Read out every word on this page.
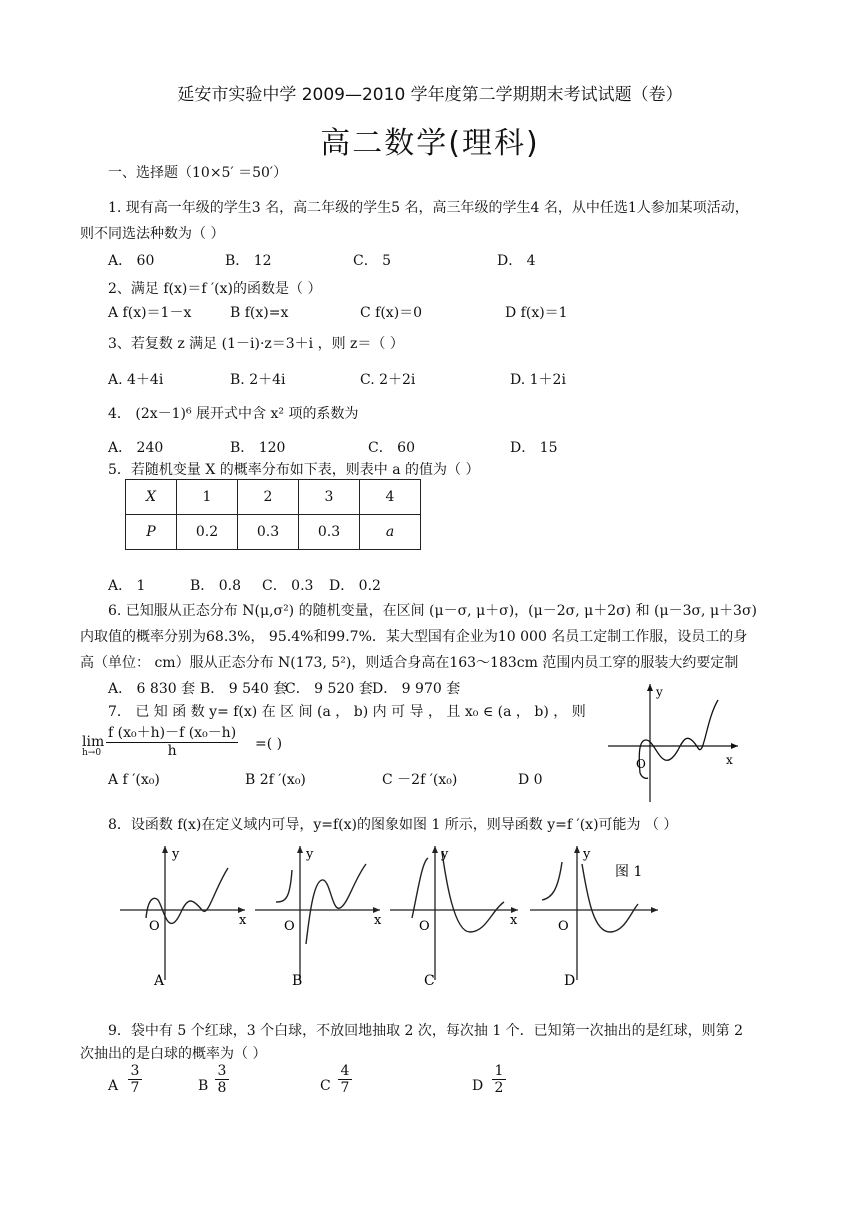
延安市实验中学 2009—2010 学年度第二学期期末考试试题（卷）
高二数学(理科)
一、选择题（10×5′ ＝50′）
1. 现有高一年级的学生3 名，高二年级的学生5 名，高三年级的学生4 名，从中任选1人参加某项活动，
则不同选法种数为（ ）
A． 60	B． 12	C． 5	D． 4
2、满足 f(x)＝f ′(x)的函数是（ ）
A f(x)＝1－x	B f(x)=x	C f(x)＝0	D f(x)＝1
3、若复数 z 满足 (1－i)·z＝3＋i ，则 z＝（ ）
A. 4＋4i	B. 2＋4i	C. 2＋2i	D. 1＋2i
4． (2x－1)⁶ 展开式中含 x² 项的系数为
A． 240	B． 120	C． 60	D． 15
5．若随机变量 X 的概率分布如下表，则表中 a 的值为（ ）
X	1	2	3	4
P	0.2	0.3	0.3	a
A． 1	B． 0.8 C． 0.3 D． 0.2
6. 已知服从正态分布 N(μ,σ²) 的随机变量，在区间 (μ－σ, μ＋σ)，(μ－2σ, μ＋2σ) 和 (μ－3σ, μ＋3σ)
内取值的概率分别为68.3%， 95.4%和99.7%．某大型国有企业为10 000 名员工定制工作服，设员工的身
高（单位： cm）服从正态分布 N(173, 5²)，则适合身高在163～183cm 范围内员工穿的服装大约要定制
A． 6 830 套 B． 9 540 套
C． 9 520 套 D． 9 970 套
7． 已 知 函 数 y= f(x) 在 区 间 (a ， b) 内 可 导 ， 且 x₀ ∈ (a ， b) ， 则
lim
$h\to 0 \frac{\text{f (x₀＋h)－f (x₀－h)}}{h}$ =( )
A f ′(x₀)	B 2f ′(x₀)	C －2f ′(x₀)	D 0
y
x
O
8．设函数 f(x)在定义域内可导，y=f(x)的图象如图 1 所示，则导函数 y=f ′(x)可能为 （ ）
y
x
O
A
y
x
O
B
y
x
O
C
y
O
D
图 1
9．袋中有 5 个红球，3 个白球，不放回地抽取 2 次，每次抽 1 个．已知第一次抽出的是红球，则第 2
次抽出的是白球的概率为（ ）
A $\frac{3}{7}$	B $\frac{3}{8}$	C $\frac{4}{7}$	D $\frac{1}{2}$
